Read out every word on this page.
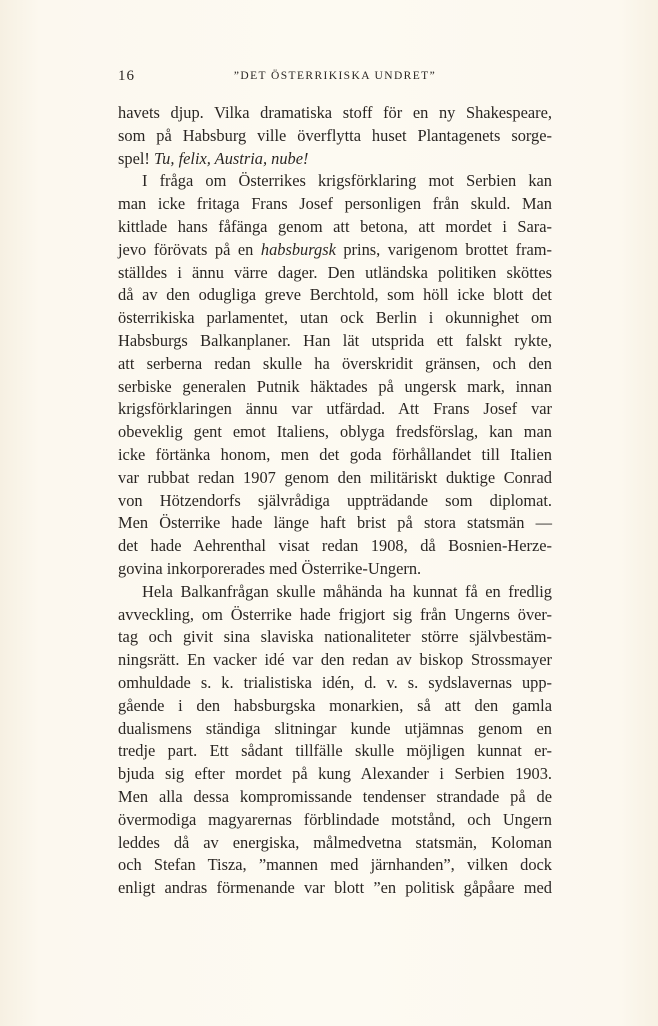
16	”DET ÖSTERRIKISKA UNDRET”

havets djup. Vilka dramatiska stoff för en ny Shakespeare,
som på Habsburg ville överflytta huset Plantagenets sorge-
spel! Tu, felix, Austria, nube!

I fråga om Österrikes krigsförklaring mot Serbien kan
man icke fritaga Frans Josef personligen från skuld. Man
kittlade hans fåfänga genom att betona, att mordet i Sara-
jevo förövats på en habsburgsk prins, varigenom brottet fram-
ställdes i ännu värre dager. Den utländska politiken sköttes
då av den odugliga greve Berchtold, som höll icke blott det
österrikiska parlamentet, utan ock Berlin i okunnighet om
Habsburgs Balkanplaner. Han lät utsprida ett falskt rykte,
att serberna redan skulle ha överskridit gränsen, och den
serbiske generalen Putnik häktades på ungersk mark, innan
krigsförklaringen ännu var utfärdad. Att Frans Josef var
obeveklig gent emot Italiens, oblyga fredsförslag, kan man
icke förtänka honom, men det goda förhållandet till Italien
var rubbat redan 1907 genom den militäriskt duktige Conrad
von Hötzendorfs självrådiga uppträdande som diplomat.
Men Österrike hade länge haft brist på stora statsmän —
det hade Aehrenthal visat redan 1908, då Bosnien-Herze-
govina inkorporerades med Österrike-Ungern.

Hela Balkanfrågan skulle måhända ha kunnat få en fredlig
avveckling, om Österrike hade frigjort sig från Ungerns över-
tag och givit sina slaviska nationaliteter större självbestäm-
ningsrätt. En vacker idé var den redan av biskop Strossmayer
omhuldade s. k. trialistiska idén, d. v. s. sydslavernas upp-
gående i den habsburgska monarkien, så att den gamla
dualismens ständiga slitningar kunde utjämnas genom en
tredje part. Ett sådant tillfälle skulle möjligen kunnat er-
bjuda sig efter mordet på kung Alexander i Serbien 1903.
Men alla dessa kompromissande tendenser strandade på de
övermodiga magyarernas förblindade motstånd, och Ungern
leddes då av energiska, målmedvetna statsmän, Koloman
och Stefan Tisza, ”mannen med järnhanden”, vilken dock
enligt andras förmenande var blott ”en politisk gåpåare med
